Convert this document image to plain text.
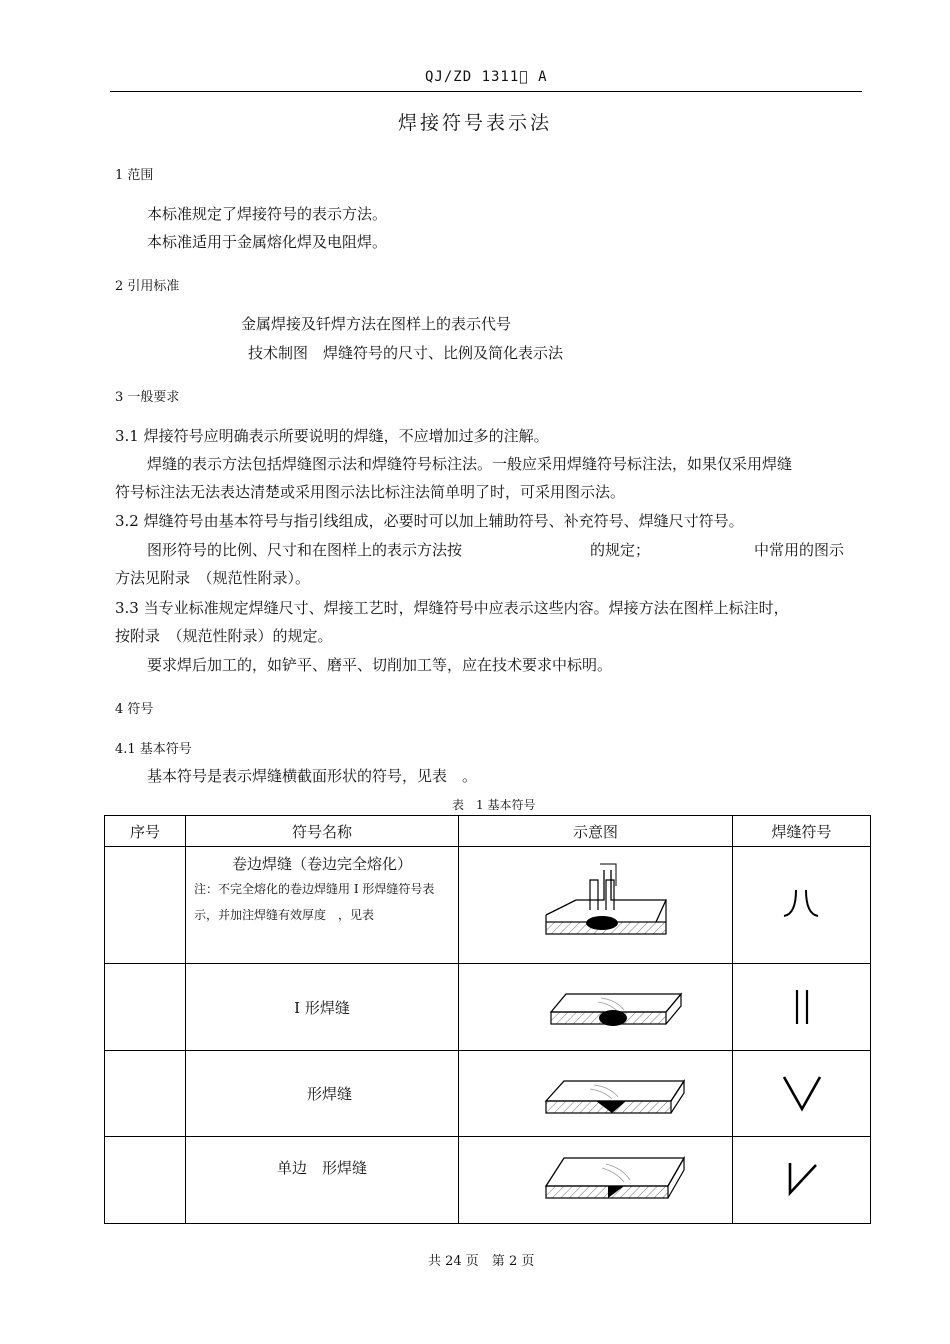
QJ/ZD 1311  A
焊接符号表示法
1 范围
本标准规定了焊接符号的表示方法。
本标准适用于金属熔化焊及电阻焊。
2 引用标准
金属焊接及钎焊方法在图样上的表示代号
技术制图　焊缝符号的尺寸、比例及简化表示法
3 一般要求
3.1 焊接符号应明确表示所要说明的焊缝，不应增加过多的注解。
焊缝的表示方法包括焊缝图示法和焊缝符号标注法。一般应采用焊缝符号标注法，如果仅采用焊缝
符号标注法无法表达清楚或采用图示法比标注法简单明了时，可采用图示法。
3.2 焊缝符号由基本符号与指引线组成，必要时可以加上辅助符号、补充符号、焊缝尺寸符号。
图形符号的比例、尺寸和在图样上的表示方法按	的规定；	中常用的图示
方法见附录　（规范性附录）。
3.3 当专业标准规定焊缝尺寸、焊接工艺时，焊缝符号中应表示这些内容。焊接方法在图样上标注时，
按附录　（规范性附录）的规定。
要求焊后加工的，如铲平、磨平、切削加工等，应在技术要求中标明。
4 符号
4.1 基本符号
基本符号是表示焊缝横截面形状的符号，见表　。
表　1 基本符号
序号	符号名称	示意图	焊缝符号

	卷边焊缝（卷边完全熔化）
注：不完全熔化的卷边焊缝用 I 形焊缝符号表示，并加注焊缝有效厚度　，见表

	I 形焊缝	

	　形焊缝	

	单边　形焊缝	

共 24 页　第 2 页
